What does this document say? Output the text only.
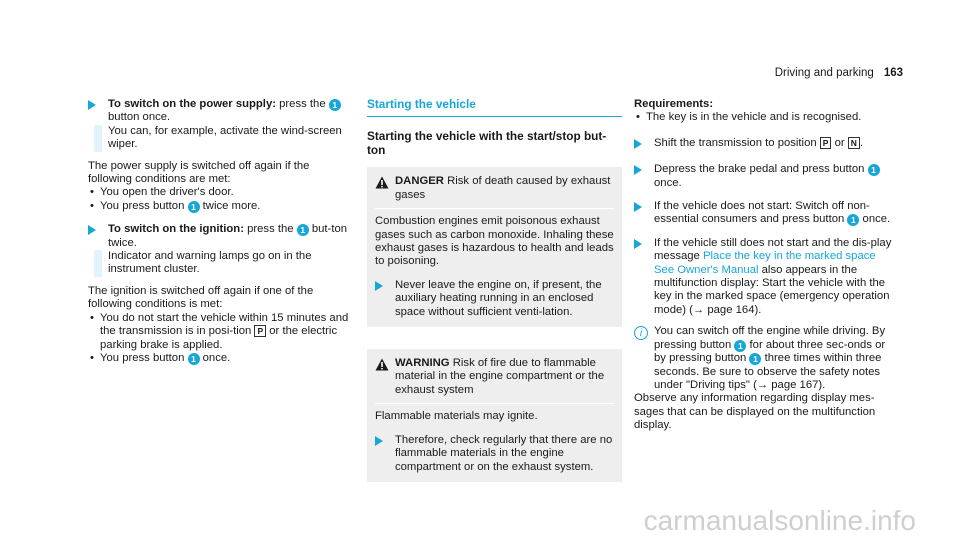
Driving and parking 163
To switch on the power supply: press the 1 button once.
You can, for example, activate the wind-screen wiper.

The power supply is switched off again if the following conditions are met:

• You open the driver's door.
• You press button 1 twice more.
To switch on the ignition: press the 1 but-ton twice.
Indicator and warning lamps go on in the instrument cluster.

The ignition is switched off again if one of the following conditions is met:

• You do not start the vehicle within 15 minutes and the transmission is in posi-tion P or the electric parking brake is applied.
• You press button 1 once.
Starting the vehicle
Starting the vehicle with the start/stop but-ton
DANGER Risk of death caused by exhaust gases
Combustion engines emit poisonous exhaust gases such as carbon monoxide. Inhaling these exhaust gases is hazardous to health and leads to poisoning.
Never leave the engine on, if present, the auxiliary heating running in an enclosed space without sufficient venti-lation.
WARNING Risk of fire due to flammable material in the engine compartment or the exhaust system
Flammable materials may ignite.
Therefore, check regularly that there are no flammable materials in the engine compartment or on the exhaust system.
Requirements:
• The key is in the vehicle and is recognised.
Shift the transmission to position P or N .
Depress the brake pedal and press button 1 once.
If the vehicle does not start: Switch off non-essential consumers and press button 1 once.
If the vehicle still does not start and the dis-play message Place the key in the marked space See Owner's Manual also appears in the multifunction display: Start the vehicle with the key in the marked space (emergency operation mode) (→ page 164).
i	You can switch off the engine while driving. By pressing button 1 for about three sec-onds or by pressing button 1 three times within three seconds. Be sure to observe the safety notes under "Driving tips" (→ page 167).

Observe any information regarding display mes-sages that can be displayed on the multifunction display.

carmanualsonline.info
